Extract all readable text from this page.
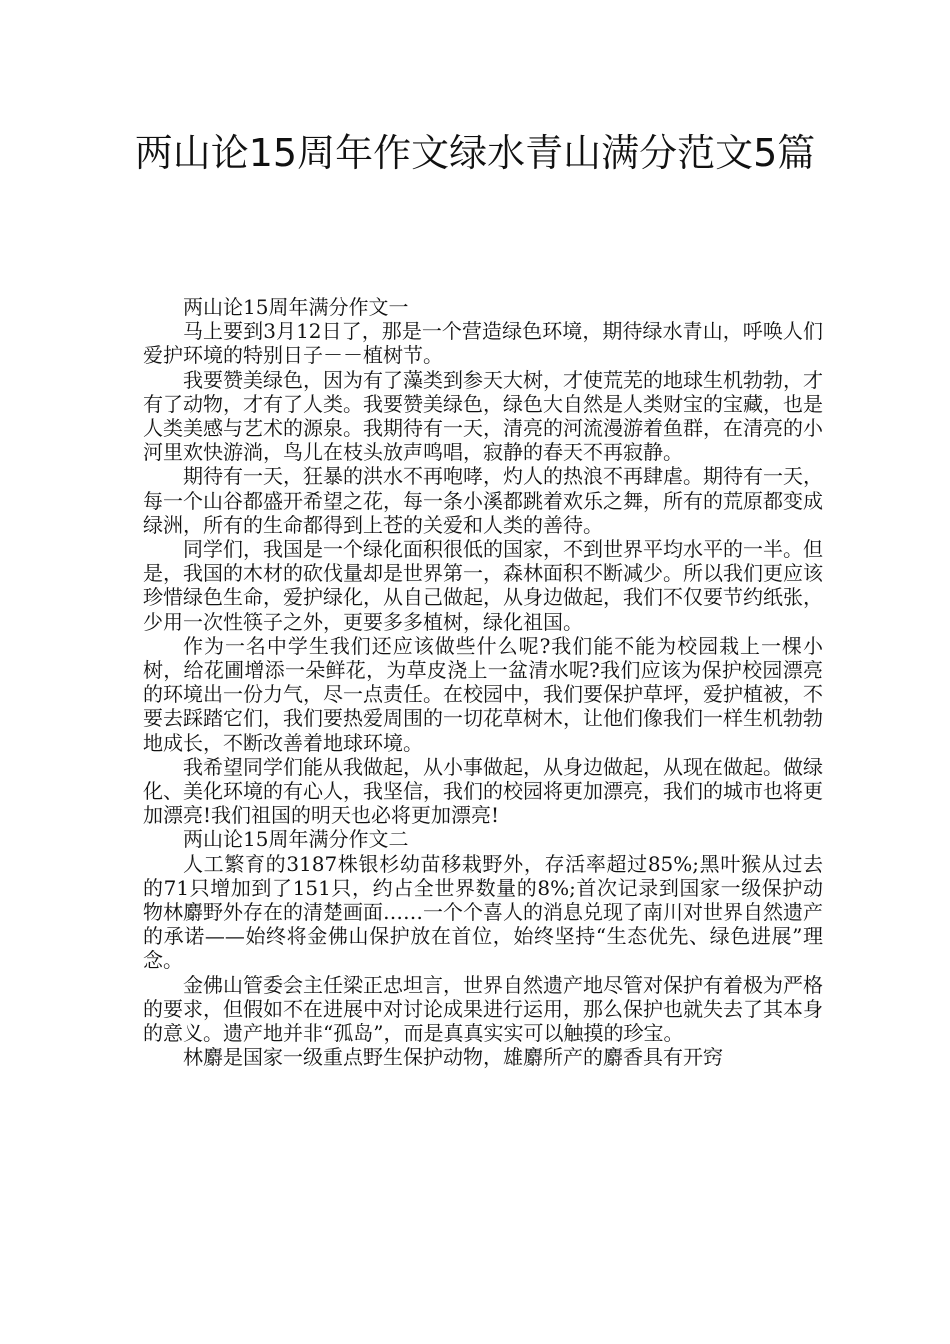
两山论15周年作文绿水青山满分范文5篇

两山论15周年满分作文一

马上要到3月12日了，那是一个营造绿色环境，期待绿水青山，呼唤人们爱护环境的特别日子－－植树节。

我要赞美绿色，因为有了藻类到参天大树，才使荒芜的地球生机勃勃，才有了动物，才有了人类。我要赞美绿色，绿色大自然是人类财宝的宝藏，也是人类美感与艺术的源泉。我期待有一天，清亮的河流漫游着鱼群，在清亮的小河里欢快游淌，鸟儿在枝头放声鸣唱，寂静的春天不再寂静。

期待有一天，狂暴的洪水不再咆哮，灼人的热浪不再肆虐。期待有一天，每一个山谷都盛开希望之花，每一条小溪都跳着欢乐之舞，所有的荒原都变成绿洲，所有的生命都得到上苍的关爱和人类的善待。

同学们，我国是一个绿化面积很低的国家，不到世界平均水平的一半。但是，我国的木材的砍伐量却是世界第一，森林面积不断减少。所以我们更应该珍惜绿色生命，爱护绿化，从自己做起，从身边做起，我们不仅要节约纸张，少用一次性筷子之外，更要多多植树，绿化祖国。

作为一名中学生我们还应该做些什么呢?我们能不能为校园栽上一棵小树，给花圃增添一朵鲜花，为草皮浇上一盆清水呢?我们应该为保护校园漂亮的环境出一份力气，尽一点责任。在校园中，我们要保护草坪，爱护植被，不要去踩踏它们，我们要热爱周围的一切花草树木，让他们像我们一样生机勃勃地成长，不断改善着地球环境。

我希望同学们能从我做起，从小事做起，从身边做起，从现在做起。做绿化、美化环境的有心人，我坚信，我们的校园将更加漂亮，我们的城市也将更加漂亮!我们祖国的明天也必将更加漂亮!

两山论15周年满分作文二

人工繁育的3187株银杉幼苗移栽野外，存活率超过85%;黑叶猴从过去的71只增加到了151只，约占全世界数量的8%;首次记录到国家一级保护动物林麝野外存在的清楚画面……一个个喜人的消息兑现了南川对世界自然遗产的承诺——始终将金佛山保护放在首位，始终坚持“生态优先、绿色进展”理念。

金佛山管委会主任梁正忠坦言，世界自然遗产地尽管对保护有着极为严格的要求，但假如不在进展中对讨论成果进行运用，那么保护也就失去了其本身的意义。遗产地并非“孤岛”，而是真真实实可以触摸的珍宝。

林麝是国家一级重点野生保护动物，雄麝所产的麝香具有开窍
